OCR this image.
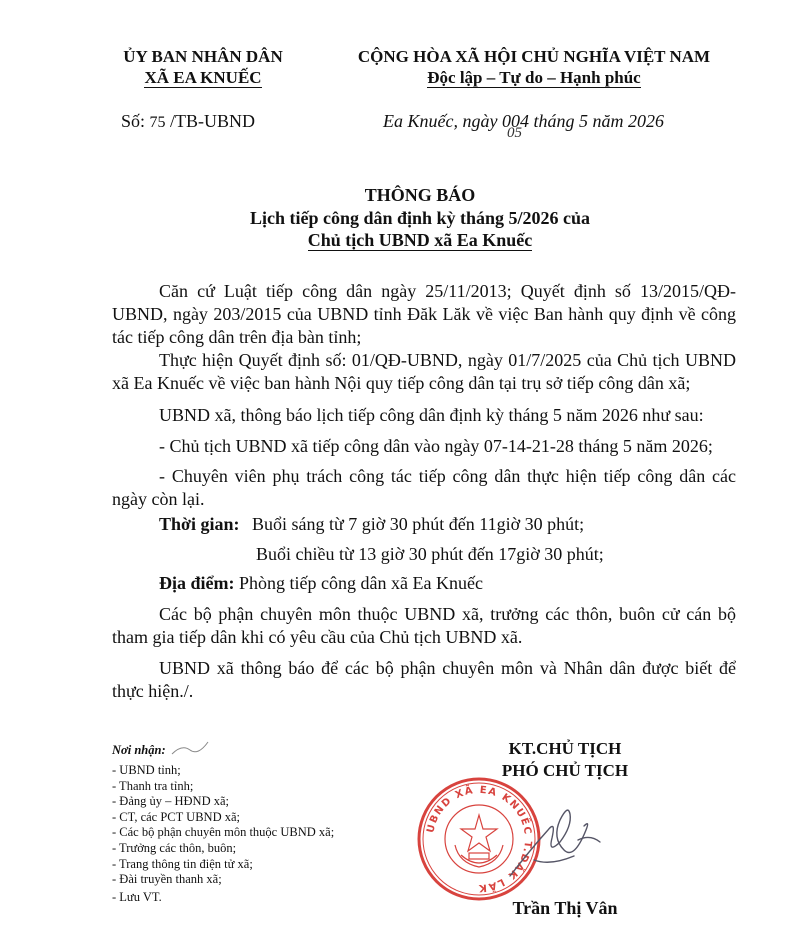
ỦY BAN NHÂN DÂN
XÃ EA KNUẾC
CỘNG HÒA XÃ HỘI CHỦ NGHĨA VIỆT NAM
Độc lập – Tự do – Hạnh phúc
Số: 75 /TB-UBND	Ea Knuếc, ngày 004
05
tháng 5 năm 2026
THÔNG BÁO
Lịch tiếp công dân định kỳ tháng 5/2026 của
Chủ tịch UBND xã Ea Knuếc
Căn cứ Luật tiếp công dân ngày 25/11/2013; Quyết định số 13/2015/QĐ-UBND, ngày 203/2015 của UBND tỉnh Đăk Lăk về việc Ban hành quy định về công tác tiếp công dân trên địa bàn tỉnh;
Thực hiện Quyết định số: 01/QĐ-UBND, ngày 01/7/2025 của Chủ tịch UBND xã Ea Knuếc về việc ban hành Nội quy tiếp công dân tại trụ sở tiếp công dân xã;
UBND xã, thông báo lịch tiếp công dân định kỳ tháng 5 năm 2026 như sau:
- Chủ tịch UBND xã tiếp công dân vào ngày 07-14-21-28 tháng 5 năm 2026;
- Chuyên viên phụ trách công tác tiếp công dân thực hiện tiếp công dân các ngày còn lại.
Thời gian: Buổi sáng từ 7 giờ 30 phút đến 11giờ 30 phút;
Buổi chiều từ 13 giờ 30 phút đến 17giờ 30 phút;
Địa điểm: Phòng tiếp công dân xã Ea Knuếc
Các bộ phận chuyên môn thuộc UBND xã, trưởng các thôn, buôn cử cán bộ tham gia tiếp dân khi có yêu cầu của Chủ tịch UBND xã.
UBND xã thông báo để các bộ phận chuyên môn và Nhân dân được biết để thực hiện./.
Nơi nhận:
- UBND tỉnh;
- Thanh tra tỉnh;
- Đảng ủy – HĐND xã;
- CT, các PCT UBND xã;
- Các bộ phận chuyên môn thuộc UBND xã;
- Trưởng các thôn, buôn;
- Trang thông tin điện tử xã;
- Đài truyền thanh xã;
- Lưu VT.
KT.CHỦ TỊCH
PHÓ CHỦ TỊCH
UBND XÃ EA KNUẾC T.ĐĂK LĂK
Trần Thị Vân
